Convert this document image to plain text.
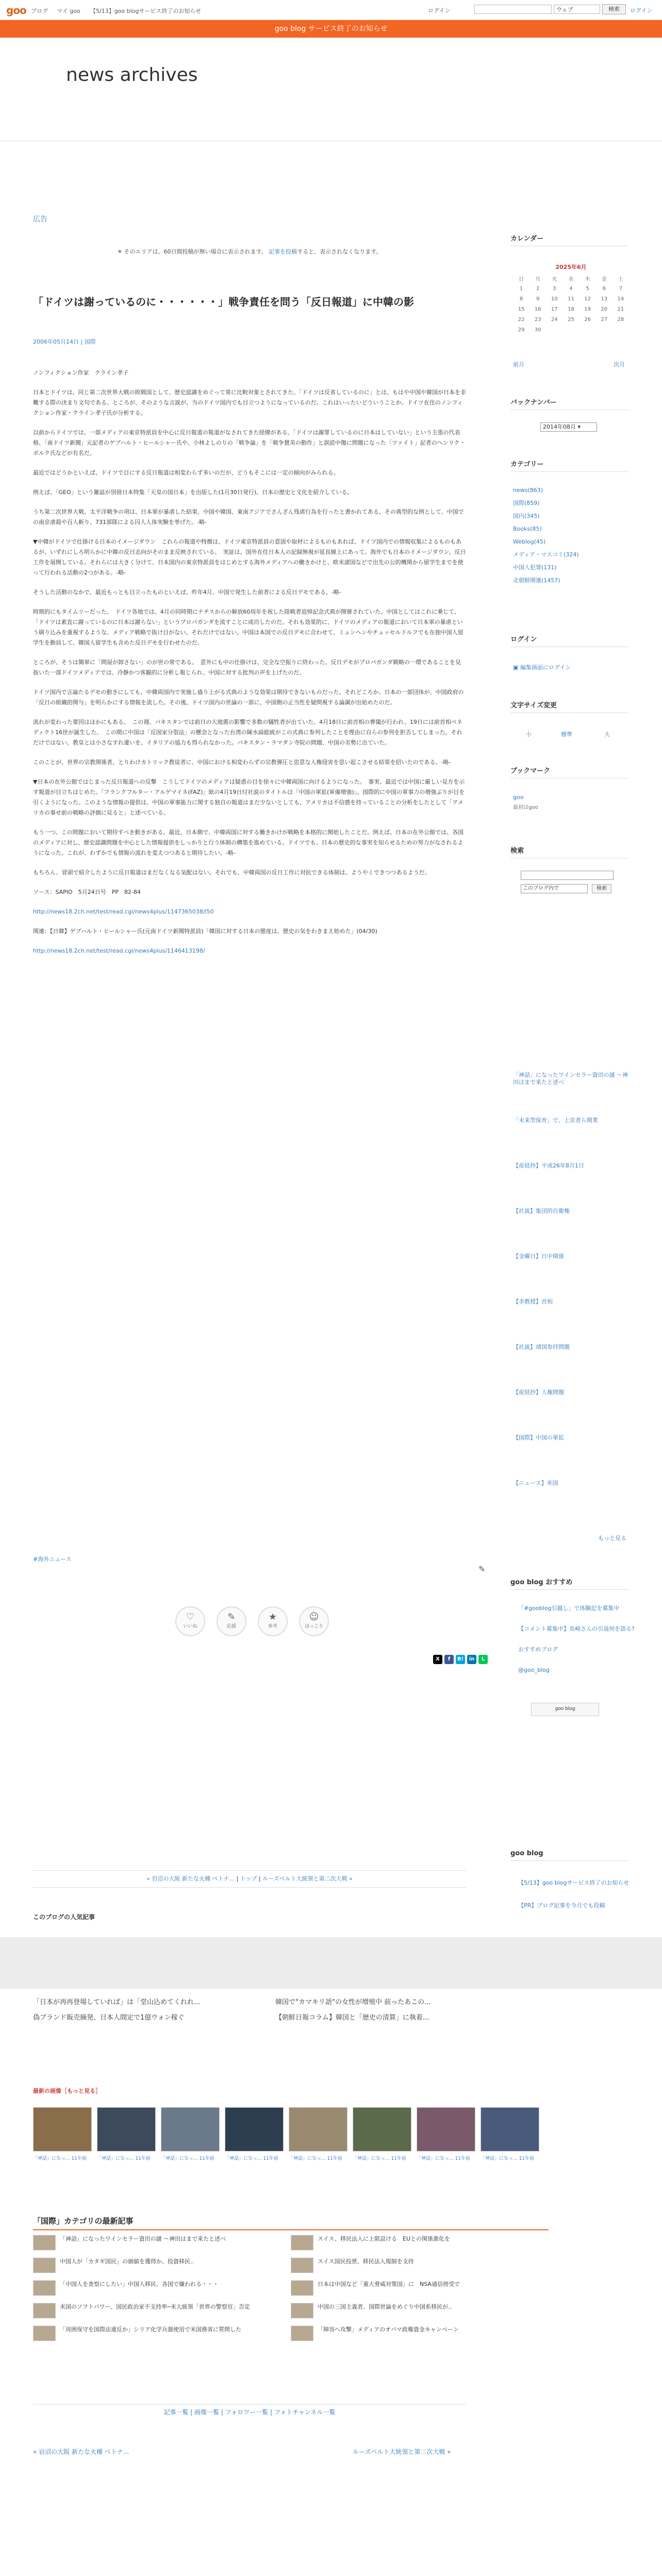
goo ブログ マイ goo 【5/13】goo blogサービス終了のお知らせ	ログイン	ウェブ	検索	ログイン
goo blog サービス終了のお知らせ
news archives
広告
✳ そのエリアは、60日間投稿が無い場合に表示されます。 記事を投稿すると、表示されなくなります。
「ドイツは謝っているのに・・・・・・」戦争責任を問う「反日報道」に中韓の影
2006年05月14日 | 国際

ノンフィクション作家　クライン孝子

日本とドイツは、同じ第二次世界大戦の敗戦国として、歴史認識をめぐって常に比較対象とされてきた。「ドイツは反省しているのに」とは、もはや中国や韓国が日本を非難する際の決まり文句である。ところが、そのような言説が、当のドイツ国内でも目立つようになっているのだ。これはいったいどういうことか。ドイツ在住のノンフィクション作家・クライン孝子氏が分析する。

以前からドイツでは、一部メディアの東京特派員を中心に反日報道の報道がなされてきた経緯がある。「ドイツは謝罪しているのに日本はしていない」という主張の代表格、「南ドイツ新聞」元記者のゲブハルト・ヒールシャー氏や、小林よしのりの「戦争論」を「戦争賛美の動作」と誤読中傷に問題になった「ツァイト」記者のヘンリク・ボルク氏などが有名だ。

最近ではどうかといえば、ドイツで目にする反日報道は相変わらず多いのだが、どうもそこには一定の傾向がみられる。

例えば、「GEO」という雑誌が別冊日本特集「天皇の国日本」を出版した(1月30日発行)。日本の歴史と文化を紹介している。

うち第二次世界大戦、太平洋戦争の項は、日本軍が暴虐した結果、中国や韓国、東南アジアでさんざん残虐行為を行ったと書かれてある。その典型的な例として、中国での南京虐殺や百人斬り、731部隊による囚人人体実験を挙げた。-略-

▼中韓がドイツで仕掛ける日本のイメージダウン　これらの報道や特徴は、ドイツ東京特派員の意図や取材によるものもあれば、ドイツ国内での情報収集によるものもあるが、いずれにしろ明らかに中韓の反日志向がそのまま反映されている。　実証は、国外在住日本人の記録無視が延長線上にあって、海外でも日本のイメージダウン、反日工作を展開している。それらには大きく分けて、日本国内の東京特派員をはじめとする海外メディアへの働きかけと、欧米諸国などで出先の公的機関から留学生までを使って行われる活動の2つがある。-略-

そうした活動のなかで、最近もっとも目立ったものといえば、昨年4月、中国で発生した前者による反日デモである。-略-

時期的にもタイムリーだった。　ドイツ各地では、4月の同時期にナチスからの解放60周年を祝した陸戦者追悼記念式典が開催されていた。中国としてはこれに乗じて、「ドイツは素直に謝っているのに日本は謝らない」というプロパガンダを流すことに成功したのだ。それも効果的に、ドイツのメディアの報道において日本軍の暴虐という刷り込みを重視するような、メディア戦略で抜け目がない。それだけではない。中国は本国での反日デモに合わせて、ミュンヘンやチュッセルドルフでも在独中国人留学生を動員して、韓国人留学生も含めた反日デモを行わせたのだ。

ところが、そうは簡単に「問屋が卸さない」のが世の常である。　意外にも中の仕掛けは、完全な空振りに終わった。反日デモがプロパガンダ戦略の一環であることを見抜いた一部ドイツメディアでは、冷静かつ客観的に分析し報じられ、中国に対する批判の声を上げたのだ。

ドイツ国内で言論たるデモの動きにしても、中韓両国内で実施し盛り上がる式典のような効果は期待できないものだった。それどころか、日本の一部団体が、中国政府の「反日の組織的関与」を明らかにする情報を流した。その後、ドイツ国内の世論の一部に、中国側の正当性を疑問視する論調が出始めたのだ。

流れが変わった要因はほかにもある。　この週、パキスタンでは前日の大地震の影響で多数の犠牲者が出ていた。4月18日に前首相の葬儀が行われ、19日には前首相ベネディクト16世が誕生した。　この間に中国は「反国家分裂法」の懸念となった台湾の陳水扁総統がこの式典に参列したことを理由に自らの参列を拒否してしまった。それだけではない。教皇とは小さなすれ違いを、イタリアの協力も得られなかった。パキスタン・ラマダン寺院の問題、中国の劣勢に出ていた。

このことが、世界の宗教関係者、とりわけカトリック教徒者に、中国における相変わらずの宗教弾圧と恣意な人権侵害を思い起こさせる結果を招いたのである。-略-

▼日本の在外公館ではじまった反日報道への反撃　こうしてドイツのメディアは疑惑の目を徐々に中韓両国に向けるようになった。　事実、最近では中国に厳しい見方を示す報道が目立ちはじめた。「フランクフルター・アルゲマイネ(FAZ)」紙の4月19日付社説のタイトルは「中国の軍拡(軍備増強)」。国際的に中国の軍事力の増強ぶりが目を引くようになった。このような情報の提供は、中国の軍事能力に関する独自の報道はまだ少ないとしても、アメリカは不信感を持っていることの分析をしたとして「アメリカの事せ前の戦略の評価に見ると」と述べている。

もう一つ、この問題において期待すべき動きがある。最近、日本側で、中韓両国に対する働きかけが戦略を本格的に開始したことだ。例えば、日本の在外公館では、各国のメディアに対し、歴史認識問題を中心とした情報提供をしっかりと行う体制の構築を進めている。ドイツでも、日本の歴史的な事実を知らせるための努力がなされるようになった。これが、わずかでも情報の流れを変えつつあると期待したい。-略-

もちろん、冒頭で紹介したように反日報道はまだなくなる気配はない。それでも、中韓両国の反日工作に対抗できる体制は、ようやくできつつあるようだ。

ソース：SAPIO　5月24日号　PP　82-84

http://news18.2ch.net/test/read.cgi/news4plus/1147365038/l50

関連：【日韓】ゲブハルト・ヒールシャー氏(元南ドイツ新聞特派員)「韓国に対する日本の態度は、歴史の気をわきまえ始めた」(04/30)

http://news18.2ch.net/test/read.cgi/news4plus/1146413198/

#海外ニュース
✎
♡
いいね
✎
応援
★
参考
☺
ほっこり
X	f	B!	in	L
« 岩沼の大阪 新たな火種 ベトナ... | トップ | ルーズベルト大統領と第二次大戦 »
このブログの人気記事
「日本が再再登場していれば」は「堂山込めてくれれ...	韓国で"カマキリ語"の女性が増殖中 前ったあこの...
偽ブランド販売摘発、日本人間定で1億ウォン稼ぐ	【朝鮮日報コラム】韓国と「歴史の清算」に執着...
最新の画像［もっと見る］
「神話」になっ... 11年前	「神話」になっ... 11年前	「神話」になっ... 11年前	「神話」になっ... 11年前	「神話」になっ... 11年前	「神話」になっ... 11年前	「神話」になっ... 11年前	「神話」になっ... 11年前
「国際」カテゴリの最新記事
「神話」になったワインセラー資田の謎 ～神田はまで来たと述べ	スイス、移民法入に上限設ける　EUとの関係悪化を
中国人が「カタギ国民」の価値を獲得か、投資移民..	スイス国民投票、移民法入規制を支持
「中国人を査察にしたい」中国人移民、各国で嫌われる・・・	日本は中国など「重大脅威対策国」に　NSA通信傍受で
米国のソフトパワー、国民政治家不支持率─米大統領「世界の警察官」否定	中国の三国主義者、国際世論をめぐり中国系移民が..
「周囲保守を国際法違反か」シリア化学兵器使用で米国務省に質問した	「陣容へ攻撃」メディアのオバマ政権資金キャンペーン
記事一覧 | 画像一覧 | フォロワー一覧 | フォトチャンネル一覧
« 岩沼の大阪 新たな火種 ベトナ...	ルーズベルト大統領と第二次大戦 »
カレンダー
2025年6月
日	月	火	水	木	金	土
1	2	3	4	5	6	7
8	9	10	11	12	13	14
15	16	17	18	19	20	21
22	23	24	25	26	27	28
29	30					
前月	次月
バックナンバー
2014年08月 ▾
カテゴリー
news(863)
国際(859)
国内(345)
Books(85)
Weblog(45)
メディア・マスコミ(324)
中国人犯罪(131)
北朝鮮関連(1457)
ログイン
▣ 編集画面にログイン
文字サイズ変更
小	標準	大
ブックマーク
goo
最初はgoo
検索
このブログ内で	検索
「神話」になったワインセラー資田の謎 ～神田はまで来たと述べ
「未来型保育」で、上京者ら開業
【産経抄】平成26年8月1日
【社説】集団的自衛権
【金曜日】日中関係
【李教授】首相
【社説】靖国参拝問題
【産経抄】人権問題
【国際】中国の軍拡
【ニュース】米国
もっと見る
goo blog おすすめ
「#gooblog引越し」で体験記を募集中
【コメント募集中】長崎さんの引退何を語る?
おすすめブログ
@goo_blog
goo blog
goo blog
【5/13】goo blogサービス終了のお知らせ
【PR】ブログ記事を今月でも投稿
